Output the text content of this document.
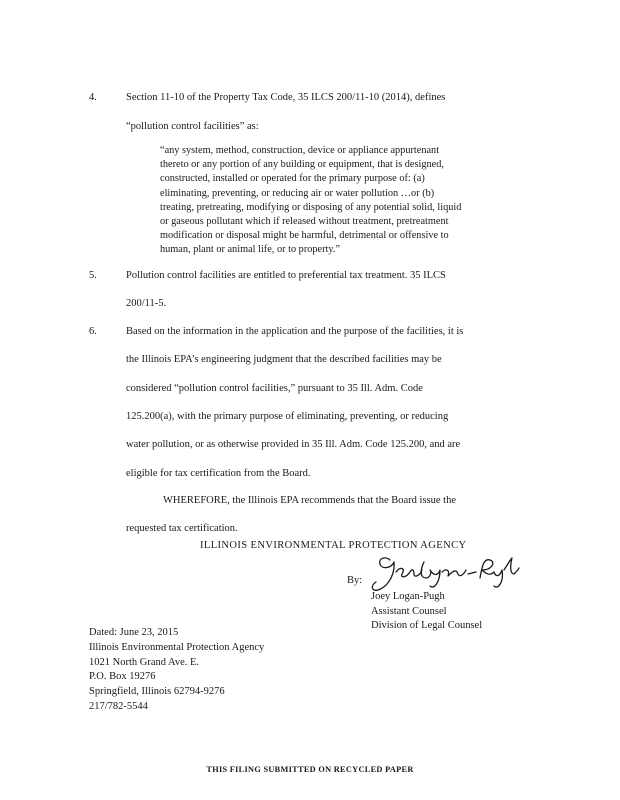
4.	Section 11-10 of the Property Tax Code, 35 ILCS 200/11-10 (2014), defines
“pollution control facilities” as:
“any system, method, construction, device or appliance appurtenant
thereto or any portion of any building or equipment, that is designed,
constructed, installed or operated for the primary purpose of: (a)
eliminating, preventing, or reducing air or water pollution …or (b)
treating, pretreating, modifying or disposing of any potential solid, liquid
or gaseous pollutant which if released without treatment, pretreatment
modification or disposal might be harmful, detrimental or offensive to
human, plant or animal life, or to property.”
5.	Pollution control facilities are entitled to preferential tax treatment. 35 ILCS
200/11-5.
6.	Based on the information in the application and the purpose of the facilities, it is
the Illinois EPA’s engineering judgment that the described facilities may be
considered “pollution control facilities,” pursuant to 35 Ill. Adm. Code
125.200(a), with the primary purpose of eliminating, preventing, or reducing
water pollution, or as otherwise provided in 35 Ill. Adm. Code 125.200, and are
eligible for tax certification from the Board.
WHEREFORE, the Illinois EPA recommends that the Board issue the
requested tax certification.
ILLINOIS ENVIRONMENTAL PROTECTION AGENCY
By:
Joey Logan-Pugh
Assistant Counsel
Division of Legal Counsel
Dated: June 23, 2015
Illinois Environmental Protection Agency
1021 North Grand Ave. E.
P.O. Box 19276
Springfield, Illinois 62794-9276
217/782-5544
THIS FILING SUBMITTED ON RECYCLED PAPER
